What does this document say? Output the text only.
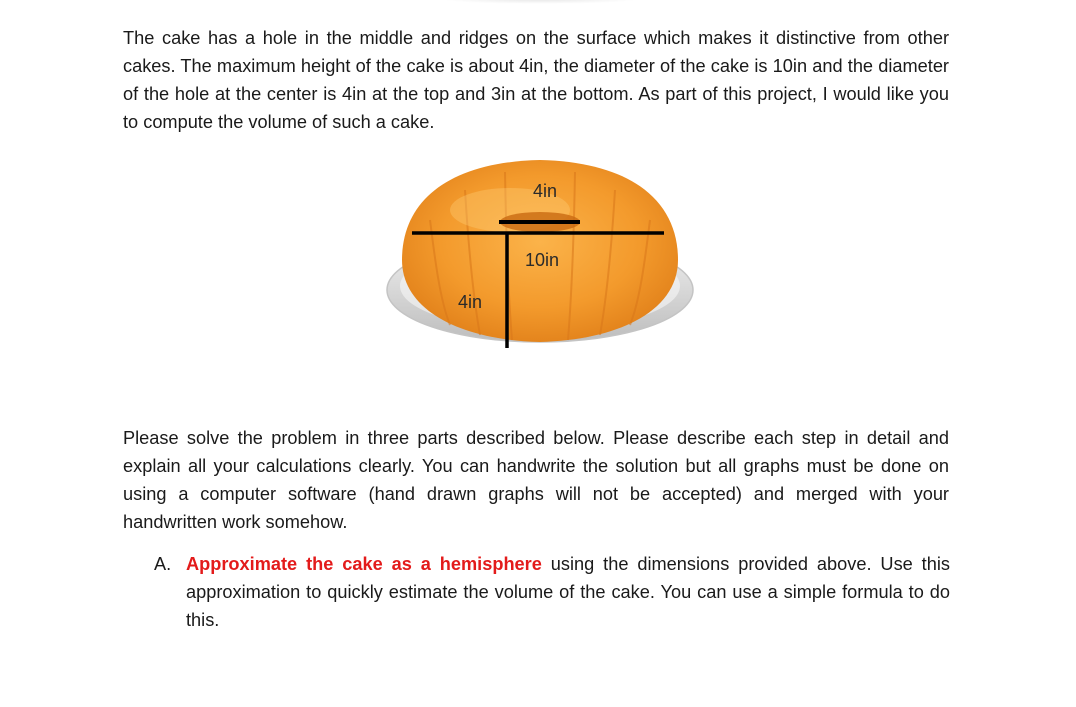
The cake has a hole in the middle and ridges on the surface which makes it distinctive from other cakes. The maximum height of the cake is about 4in, the diameter of the cake is 10in and the diameter of the hole at the center is 4in at the top and 3in at the bottom. As part of this project, I would like you to compute the volume of such a cake.

4in
10in
4in

Please solve the problem in three parts described below. Please describe each step in detail and explain all your calculations clearly. You can handwrite the solution but all graphs must be done on using a computer software (hand drawn graphs will not be accepted) and merged with your handwritten work somehow.

A. Approximate the cake as a hemisphere using the dimensions provided above. Use this approximation to quickly estimate the volume of the cake. You can use a simple formula to do this.
